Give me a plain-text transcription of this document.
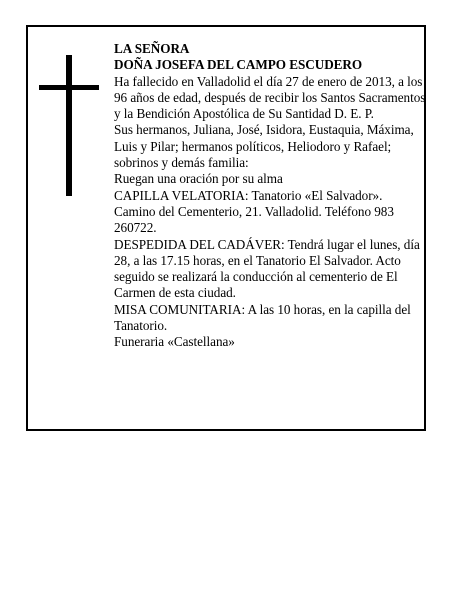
LA SEÑORA

DOÑA JOSEFA DEL CAMPO ESCUDERO

Ha fallecido en Valladolid el día 27 de enero de 2013, a los 96 años de edad, después de recibir los Santos Sacramentos y la Bendición Apostólica de Su Santidad D. E. P.

Sus hermanos, Juliana, José, Isidora, Eustaquia, Máxima, Luis y Pilar; hermanos políticos, Heliodoro y Rafael; sobrinos y demás familia:

Ruegan una oración por su alma

CAPILLA VELATORIA: Tanatorio «El Salvador». Camino del Cementerio, 21. Valladolid. Teléfono 983 260722.

DESPEDIDA DEL CADÁVER: Tendrá lugar el lunes, día 28, a las 17.15 horas, en el Tanatorio El Salvador. Acto seguido se realizará la conducción al cementerio de El Carmen de esta ciudad.

MISA COMUNITARIA: A las 10 horas, en la capilla del Tanatorio.

Funeraria «Castellana»
